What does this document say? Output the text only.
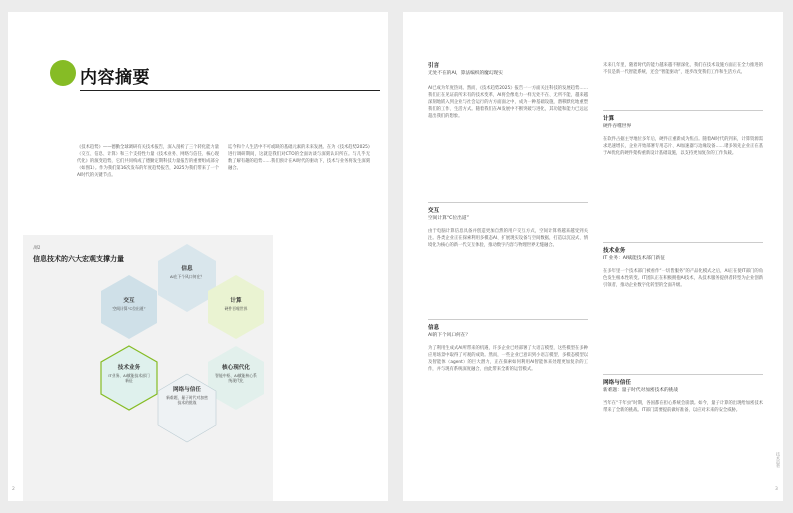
内容摘要

《技术趋势》——德勤全球调研有关技术报告，深入剖析了三个转化能力量（交互、信息、计算）和三个支持性力量《技术业务、网络与信任、核心现代化》的演变趋势，它们共同构成了德勤定期科技力量报告的重要组成部分（如图1）。作为我们第16次发布的年度趋势报告，2025为我们带来了一个AI时代的关键节点。

迄今和个人生活中不可或缺的基础元素的未来发展。在为《技术趋势2025》进行调研期间，这就是我们对CTO的全面访谈与深刻认识所在。与几乎无数了解有趣的趋势……我们预计在AI时代的驱动下，技术与业务将发生深刻融合。

图1
信息技术的六大宏观支撑力量
信息
AI在下个风口何在？
交互
空间计算“C位出道”
计算
硬件吞噬世界
技术业务
IT业务、AI赋能技术部门新征
核心现代化
智能中枢、AI赋能核心系统现代化
网络与信任
新难题，量子时代对加密技术的挑战
2
引言
无处不在的AI，算法编织的魔幻现实

AI已成为年度热词。然而，《技术趋势2025》报告一一方面关注科技的发展趋势……我们正在见证前所未有的技术变革，AI将会像电力一样无处不在、无所不能，越来越深刻地嵌入到企业与社会运行的方方面面之中，成为一种基础设施，潜移默化地重塑我们的工作、生活方式。随着我们在AI发展中不断突破与进化，其功能和能力已远远超出我们的想象。

交互
空间计算“C位出道”

由于电脑计算信息具备并创造更加自然的用户交互方式，空间计算将越来越受到关注。各类企业正在探索利用多模态AI、扩展现实设备与空间数据，打造以沉浸式、情境化为核心的新一代交互体验，推动数字内容与物理世界无缝融合。

信息
AI的下个风口何在？

为了利用生成式AI所带来的机遇，许多企业已经部署了大语言模型，这些模型在多种应用场景中取得了可观的成效。然而，一些企业已意识到小语言模型、多模态模型以及智能体（agent）的巨大潜力，正在探索如何利用AI智能体来处理更加复杂的工作，并与现有系统深度融合，由此带来全新的运营模式。

未来几年里，随着时代的能力越来越不断深化，我们在技术设施方面正在全力推进的不仅是新一代智能系统，还会“智能驱动”，逐步改变我们工作和生活方式。

计算
硬件吞噬世界

在软件占据主导地位多年后，硬件正重新成为焦点。随着AI时代的到来，计算资源需求迅速增长，企业开始部署专用芯片、AI加速器与边缘设备……诸多领先企业正在基于AI优化的硬件架构重新设计基础设施，以支持更加复杂的工作负载。

技术业务
IT 业务：AI赋能技术部门新征

在多年里一个技术部门被看作“一切皆服务”的产品化模式之后，AI正在使IT部门的角色发生根本性转变。IT团队正在积极拥抱AI技术，从技术服务提供者转型为企业创新引领者，推动企业数字化转型的全面升级。

网络与信任
新难题：量子时代对加密技术的挑战

当年在“千年虫”时期，各国都在担心系统会崩溃。如今，量子计算的出现给加密技术带来了全新的挑战。IT部门需要提前做好准备，以应对未来的安全威胁。

技术趋势
3
